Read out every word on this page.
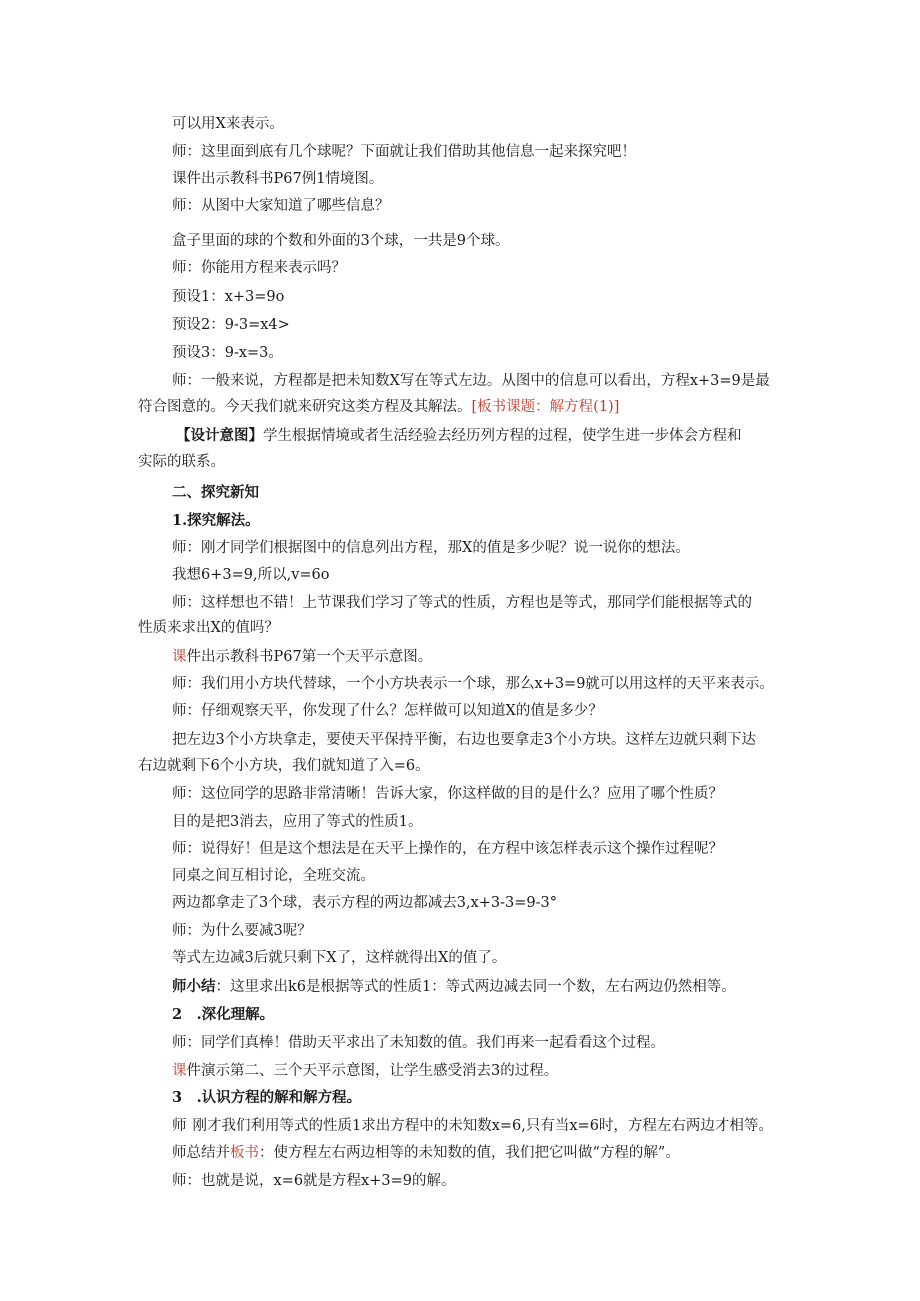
可以用X来表示。
师：这里面到底有几个球呢？下面就让我们借助其他信息一起来探究吧！
课件出示教科书P67例1情境图。
师：从图中大家知道了哪些信息？
盒子里面的球的个数和外面的3个球，一共是9个球。
师：你能用方程来表示吗？
预设1：x+3=9o
预设2：9-3=x4>
预设3：9-x=3。
师：一般来说，方程都是把未知数X写在等式左边。从图中的信息可以看出，方程x+3=9是最
符合图意的。今天我们就来研究这类方程及其解法。[板书课题：解方程(1)]
【设计意图】学生根据情境或者生活经验去经历列方程的过程，使学生进一步体会方程和
实际的联系。
二、探究新知
1.探究解法。
师：刚才同学们根据图中的信息列出方程，那X的值是多少呢？说一说你的想法。
我想6+3=9,所以,v=6o
师：这样想也不错！上节课我们学习了等式的性质，方程也是等式，那同学们能根据等式的
性质来求出X的值吗？
课件出示教科书P67第一个天平示意图。
师：我们用小方块代替球，一个小方块表示一个球，那么x+3=9就可以用这样的天平来表示。
师：仔细观察天平，你发现了什么？怎样做可以知道X的值是多少？
把左边3个小方块拿走，要使天平保持平衡，右边也要拿走3个小方块。这样左边就只剩下达
右边就剩下6个小方块，我们就知道了入=6。
师：这位同学的思路非常清晰！告诉大家，你这样做的目的是什么？应用了哪个性质？
目的是把3消去，应用了等式的性质1。
师：说得好！但是这个想法是在天平上操作的，在方程中该怎样表示这个操作过程呢？
同桌之间互相讨论，全班交流。
两边都拿走了3个球，表示方程的两边都减去3,x+3-3=9-3°
师：为什么要减3呢？
等式左边减3后就只剩下X了，这样就得出X的值了。
师小结：这里求出k6是根据等式的性质1：等式两边减去同一个数，左右两边仍然相等。
2　.深化理解。
师：同学们真棒！借助天平求出了未知数的值。我们再来一起看看这个过程。
课件演示第二、三个天平示意图，让学生感受消去3的过程。
3　.认识方程的解和解方程。
师 刚才我们利用等式的性质1求出方程中的未知数x=6,只有当x=6时，方程左右两边才相等。
师总结并板书：使方程左右两边相等的未知数的值，我们把它叫做“方程的解”。
师：也就是说，x=6就是方程x+3=9的解。
